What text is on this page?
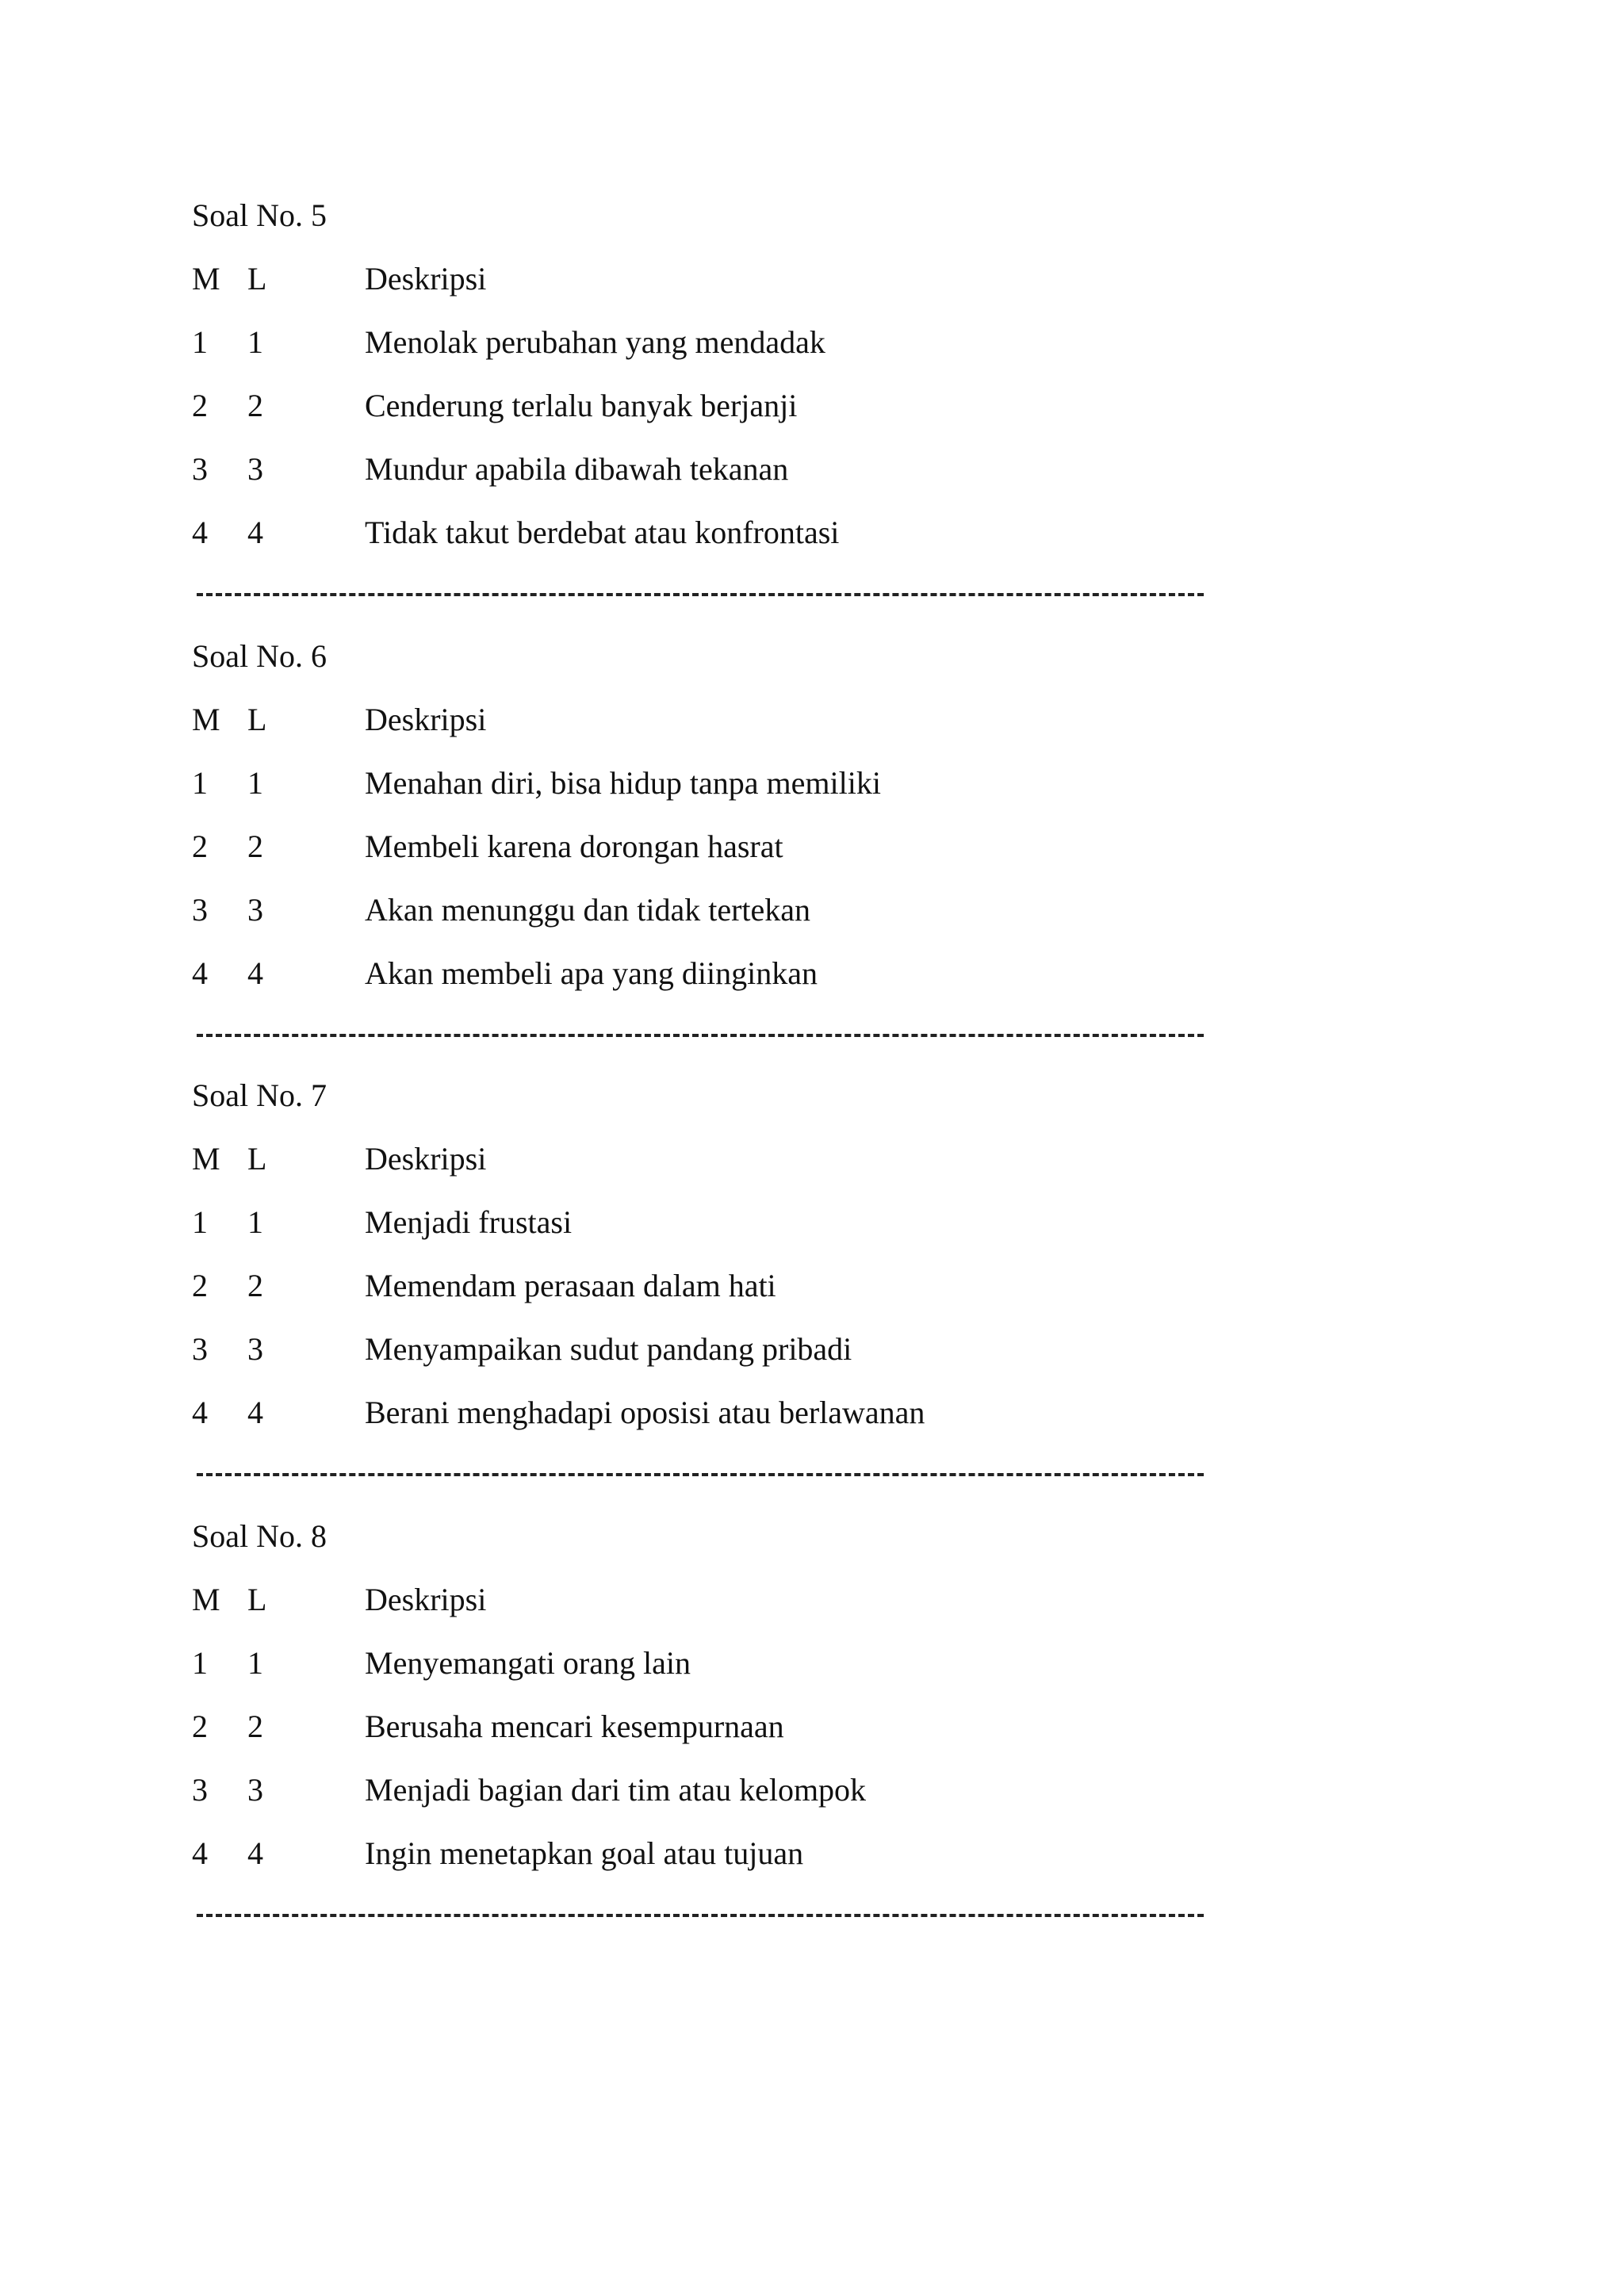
Soal No. 5
M L	Deskripsi
1 1	Menolak perubahan yang mendadak
2 2	Cenderung terlalu banyak berjanji
3 3	Mundur apabila dibawah tekanan
4 4	Tidak takut berdebat atau konfrontasi
Soal No. 6
M L	Deskripsi
1 1	Menahan diri, bisa hidup tanpa memiliki
2 2	Membeli karena dorongan hasrat
3 3	Akan menunggu dan tidak tertekan
4 4	Akan membeli apa yang diinginkan
Soal No. 7
M L	Deskripsi
1 1	Menjadi frustasi
2 2	Memendam perasaan dalam hati
3 3	Menyampaikan sudut pandang pribadi
4 4	Berani menghadapi oposisi atau berlawanan
Soal No. 8
M L	Deskripsi
1 1	Menyemangati orang lain
2 2	Berusaha mencari kesempurnaan
3 3	Menjadi bagian dari tim atau kelompok
4 4	Ingin menetapkan goal atau tujuan
